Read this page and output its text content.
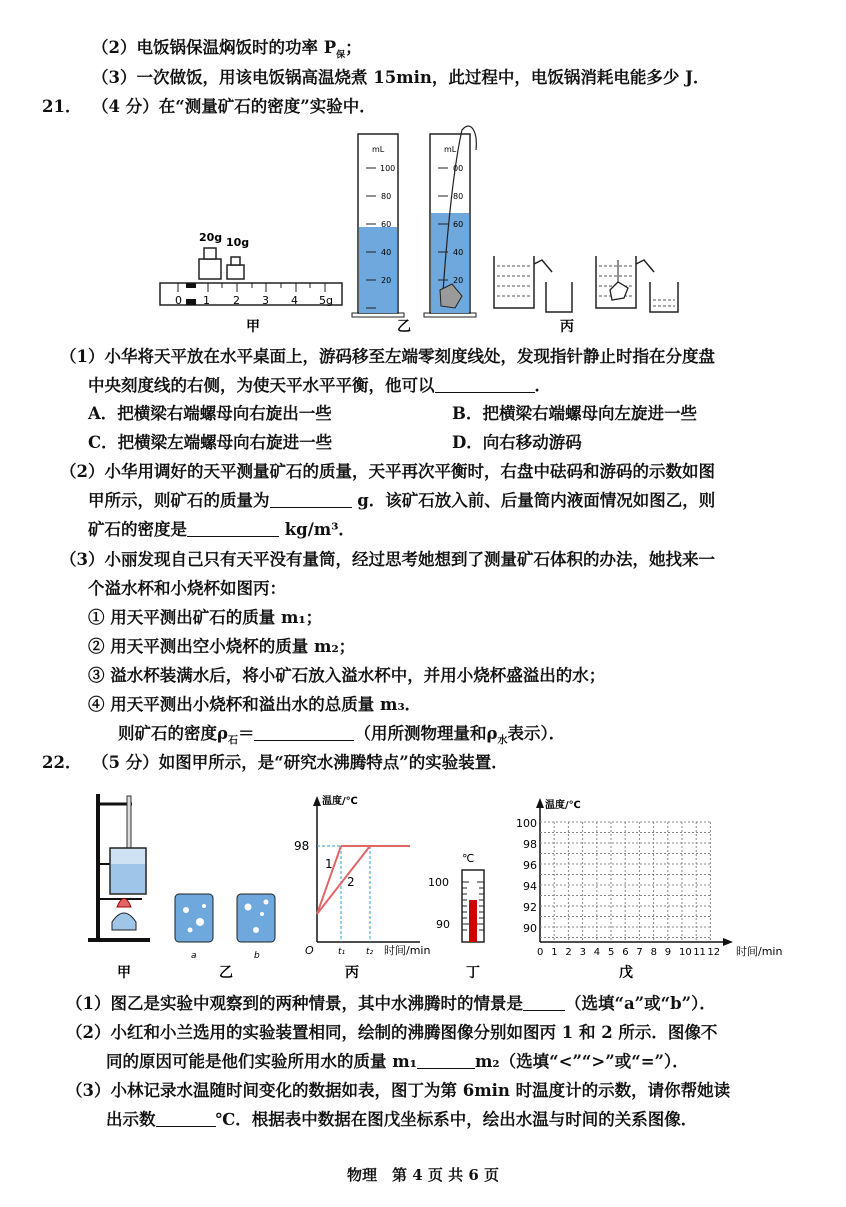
（2）电饭锅保温焖饭时的功率 $P_保$；
（3）一次做饭，用该电饭锅高温烧煮 15min，此过程中，电饭锅消耗电能多少 J．
21． （4 分）在“测量矿石的密度”实验中．
0 1 2 3 4 5g
20g 10g
甲
mL
100
80
60
40
20
mL
00
80
60
40
20
乙	丙
（1）小华将天平放在水平桌面上，游码移至左端零刻度线处，发现指针静止时指在分度盘
中央刻度线的右侧，为使天平水平平衡，他可以	．
A．把横梁右端螺母向右旋出一些	B．把横梁右端螺母向左旋进一些
C．把横梁左端螺母向右旋进一些	D．向右移动游码
（2）小华用调好的天平测量矿石的质量，天平再次平衡时，右盘中砝码和游码的示数如图
甲所示，则矿石的质量为	g．该矿石放入前、后量筒内液面情况如图乙，则
矿石的密度是	kg/m³．
（3）小丽发现自己只有天平没有量筒，经过思考她想到了测量矿石体积的办法，她找来一
个溢水杯和小烧杯如图丙：
① 用天平测出矿石的质量 m₁；
② 用天平测出空小烧杯的质量 m₂；
③ 溢水杯装满水后，将小矿石放入溢水杯中，并用小烧杯盛溢出的水；
④ 用天平测出小烧杯和溢出水的总质量 m₃．
则矿石的密度$\rho_石=$	（用所测物理量和$\rho_水$表示）．
22． （5 分）如图甲所示，是“研究水沸腾特点”的实验装置．
甲
a	b
乙
温度/℃
98
1
2
O	t₁ t₂ 时间/min
丙
℃
100
90
丁
温度/℃
100
98
96
94
92
90
时间/min
0 1 2 3 4 5 6 7 8 9 10 11 12
戊
（1）图乙是实验中观察到的两种情景，其中水沸腾时的情景是	（选填“a”或“b”）．
（2）小红和小兰选用的实验装置相同，绘制的沸腾图像分别如图丙 1 和 2 所示．图像不
同的原因可能是他们实验所用水的质量 m₁	m₂（选填“<”“>”或“=”）．
（3）小林记录水温随时间变化的数据如表，图丁为第 6min 时温度计的示数，请你帮她读
出示数	℃．根据表中数据在图戊坐标系中，绘出水温与时间的关系图像．
物理　第 4 页 共 6 页
